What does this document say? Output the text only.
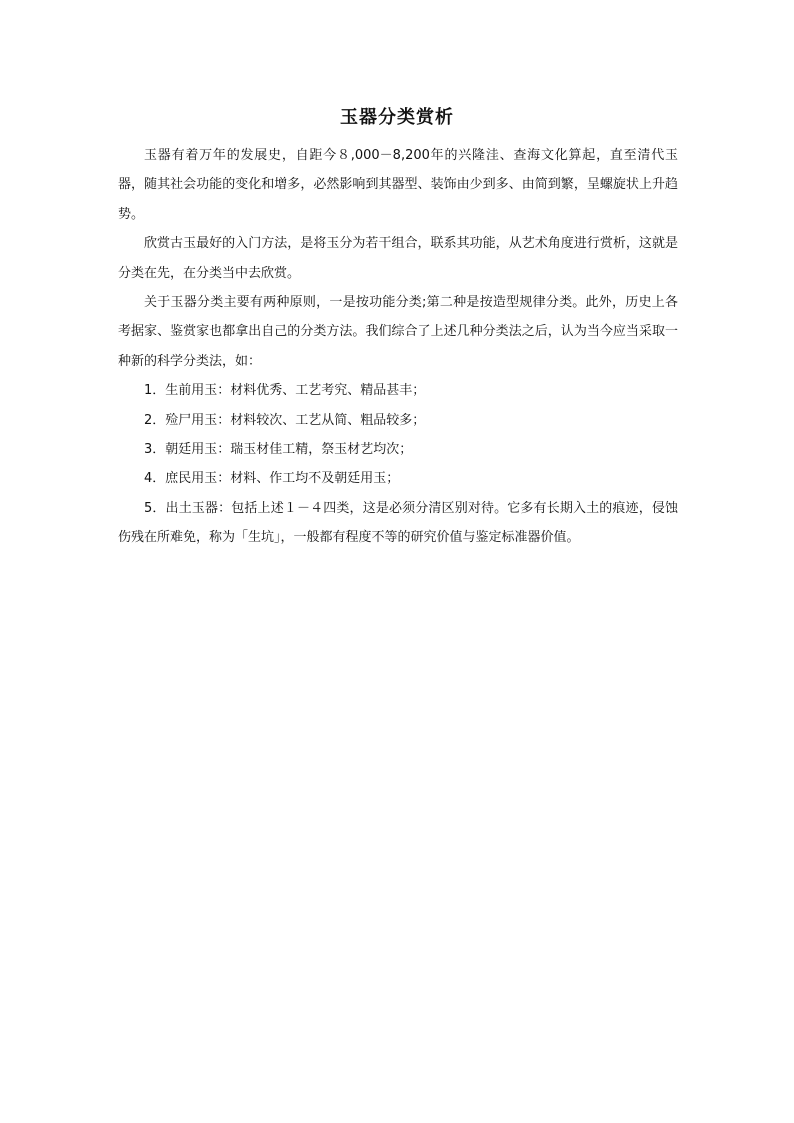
玉器分类赏析

玉器有着万年的发展史，自距今８,000－8,200年的兴隆洼、查海文化算起，直至清代玉器，随其社会功能的变化和增多，必然影响到其器型、装饰由少到多、由简到繁，呈螺旋状上升趋势。

欣赏古玉最好的入门方法，是将玉分为若干组合，联系其功能，从艺术角度进行赏析，这就是分类在先，在分类当中去欣赏。

关于玉器分类主要有两种原则，一是按功能分类;第二种是按造型规律分类。此外，历史上各考据家、鉴赏家也都拿出自己的分类方法。我们综合了上述几种分类法之后，认为当今应当采取一种新的科学分类法，如：

1．生前用玉：材料优秀、工艺考究、精品甚丰；

2．殓尸用玉：材料较次、工艺从简、粗品较多；

3．朝廷用玉：瑞玉材佳工精，祭玉材艺均次；

4．庶民用玉：材料、作工均不及朝廷用玉；

5．出土玉器：包括上述１－４四类，这是必须分清区别对待。它多有长期入土的痕迹，侵蚀伤残在所难免，称为「生坑」，一般都有程度不等的研究价值与鉴定标准器价值。
